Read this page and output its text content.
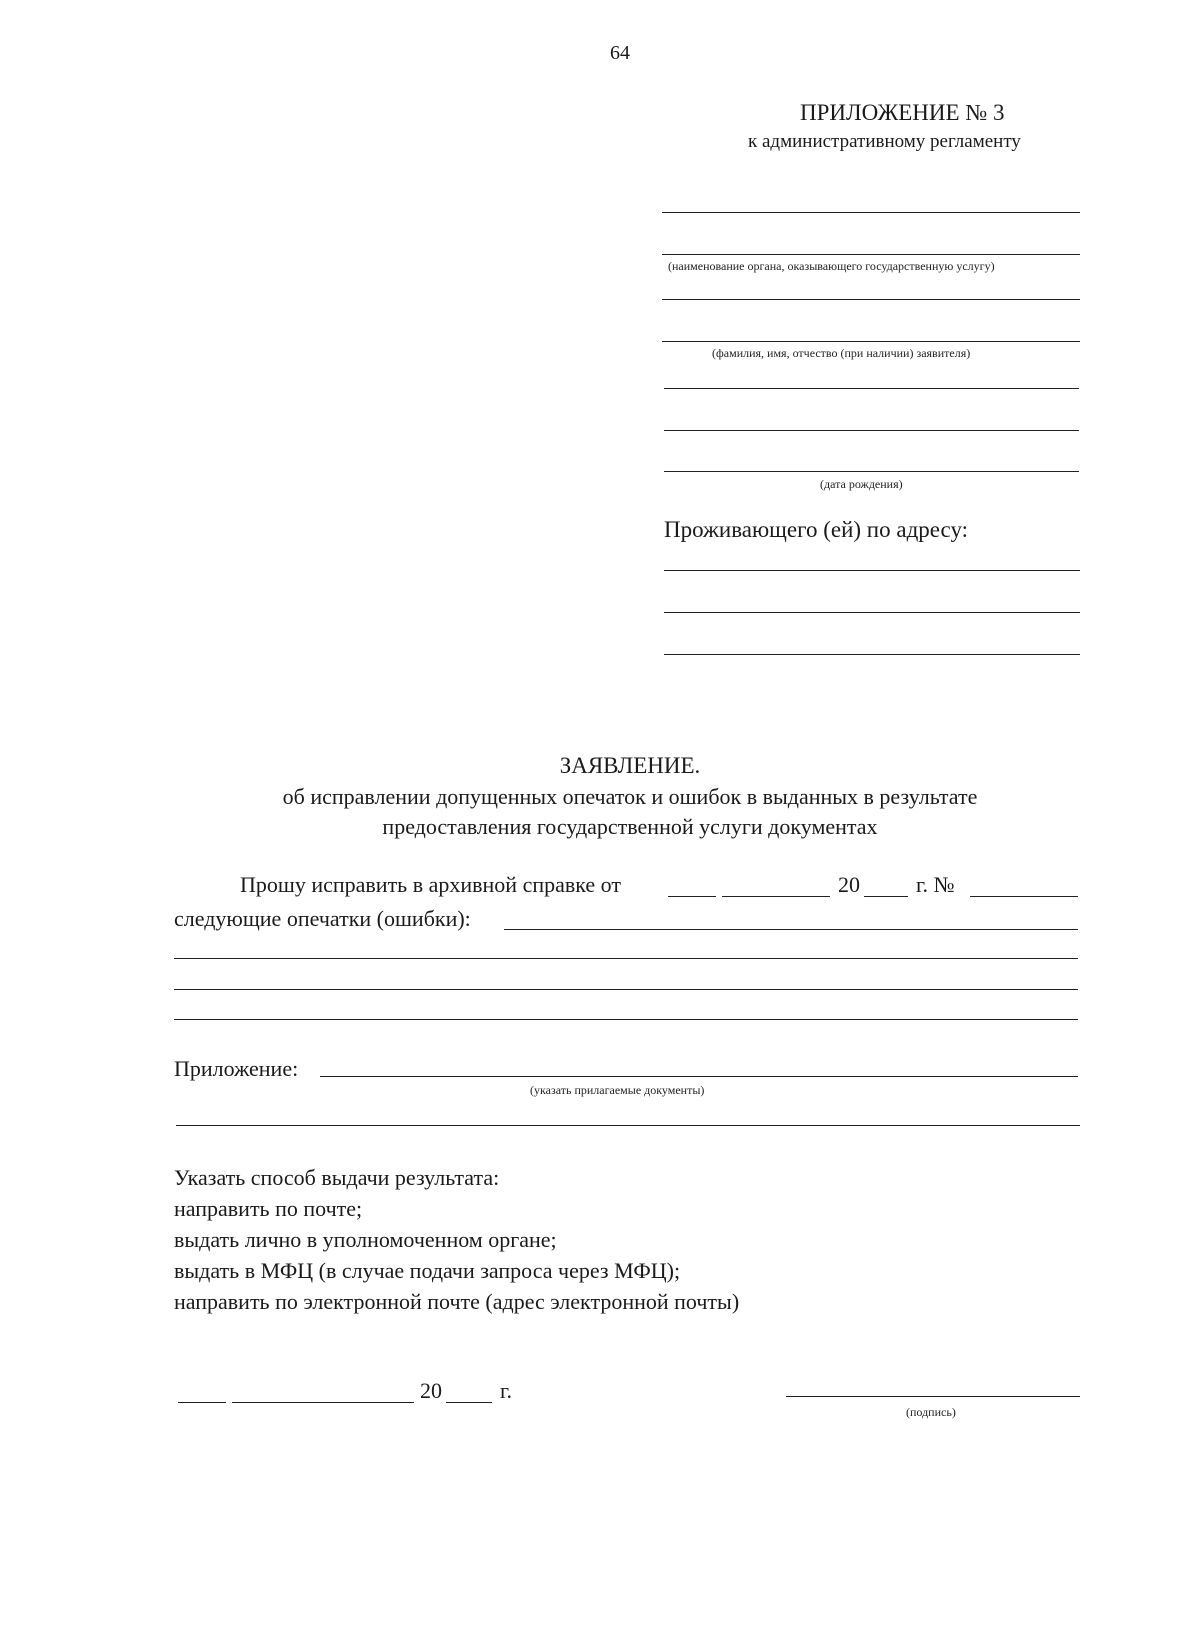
64
ПРИЛОЖЕНИЕ № 3
к административному регламенту
(наименование органа, оказывающего государственную услугу)
(фамилия, имя, отчество (при наличии) заявителя)
(дата рождения)
Проживающего (ей) по адресу:
ЗАЯВЛЕНИЕ.
об исправлении допущенных опечаток и ошибок в выданных в результате
предоставления государственной услуги документах
Прошу исправить в архивной справке от	20	г. №
следующие опечатки (ошибки):
Приложение:
(указать прилагаемые документы)
Указать способ выдачи результата:
направить по почте;
выдать лично в уполномоченном органе;
выдать в МФЦ (в случае подачи запроса через МФЦ);
направить по электронной почте (адрес электронной почты)
20	г.
(подпись)
